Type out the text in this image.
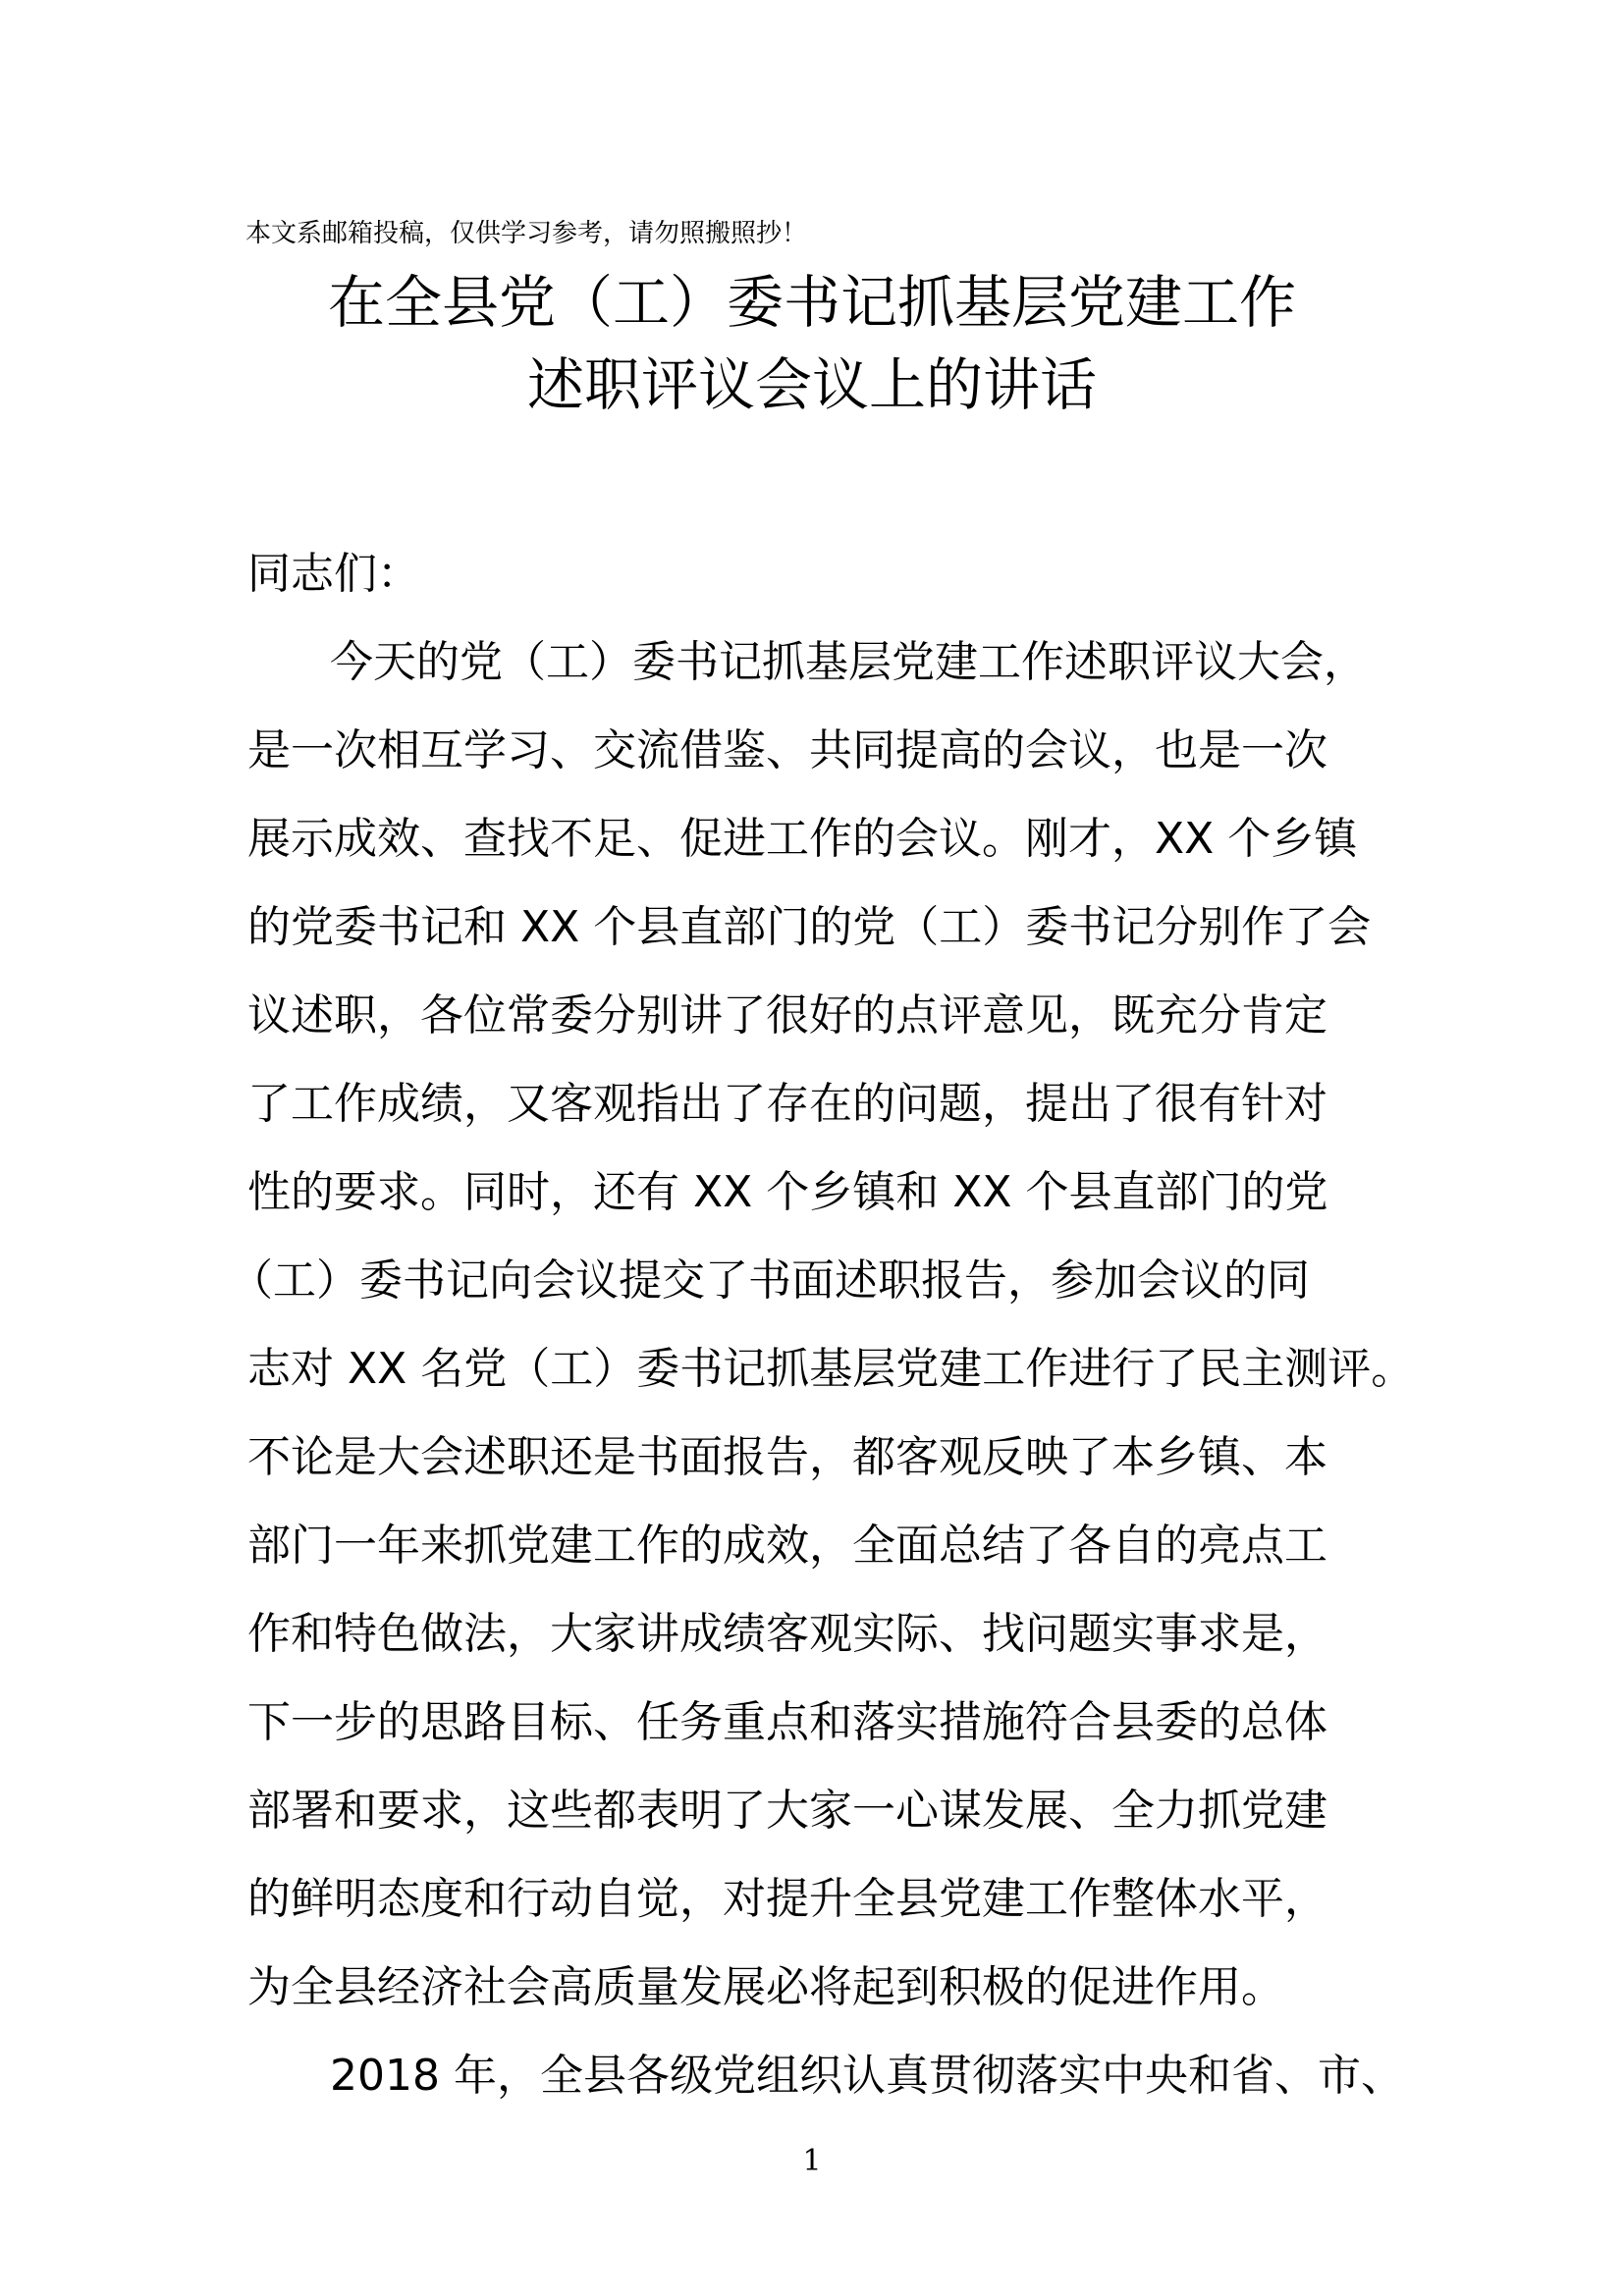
本文系邮箱投稿，仅供学习参考，请勿照搬照抄！
在全县党（工）委书记抓基层党建工作
述职评议会议上的讲话
同志们：
今天的党（工）委书记抓基层党建工作述职评议大会，
是一次相互学习、交流借鉴、共同提高的会议，也是一次
展示成效、查找不足、促进工作的会议。刚才，XX 个乡镇
的党委书记和 XX 个县直部门的党（工）委书记分别作了会
议述职，各位常委分别讲了很好的点评意见，既充分肯定
了工作成绩，又客观指出了存在的问题，提出了很有针对
性的要求。同时，还有 XX 个乡镇和 XX 个县直部门的党
（工）委书记向会议提交了书面述职报告，参加会议的同
志对 XX 名党（工）委书记抓基层党建工作进行了民主测评。
不论是大会述职还是书面报告，都客观反映了本乡镇、本
部门一年来抓党建工作的成效，全面总结了各自的亮点工
作和特色做法，大家讲成绩客观实际、找问题实事求是，
下一步的思路目标、任务重点和落实措施符合县委的总体
部署和要求，这些都表明了大家一心谋发展、全力抓党建
的鲜明态度和行动自觉，对提升全县党建工作整体水平，
为全县经济社会高质量发展必将起到积极的促进作用。
2018 年，全县各级党组织认真贯彻落实中央和省、市、
1
